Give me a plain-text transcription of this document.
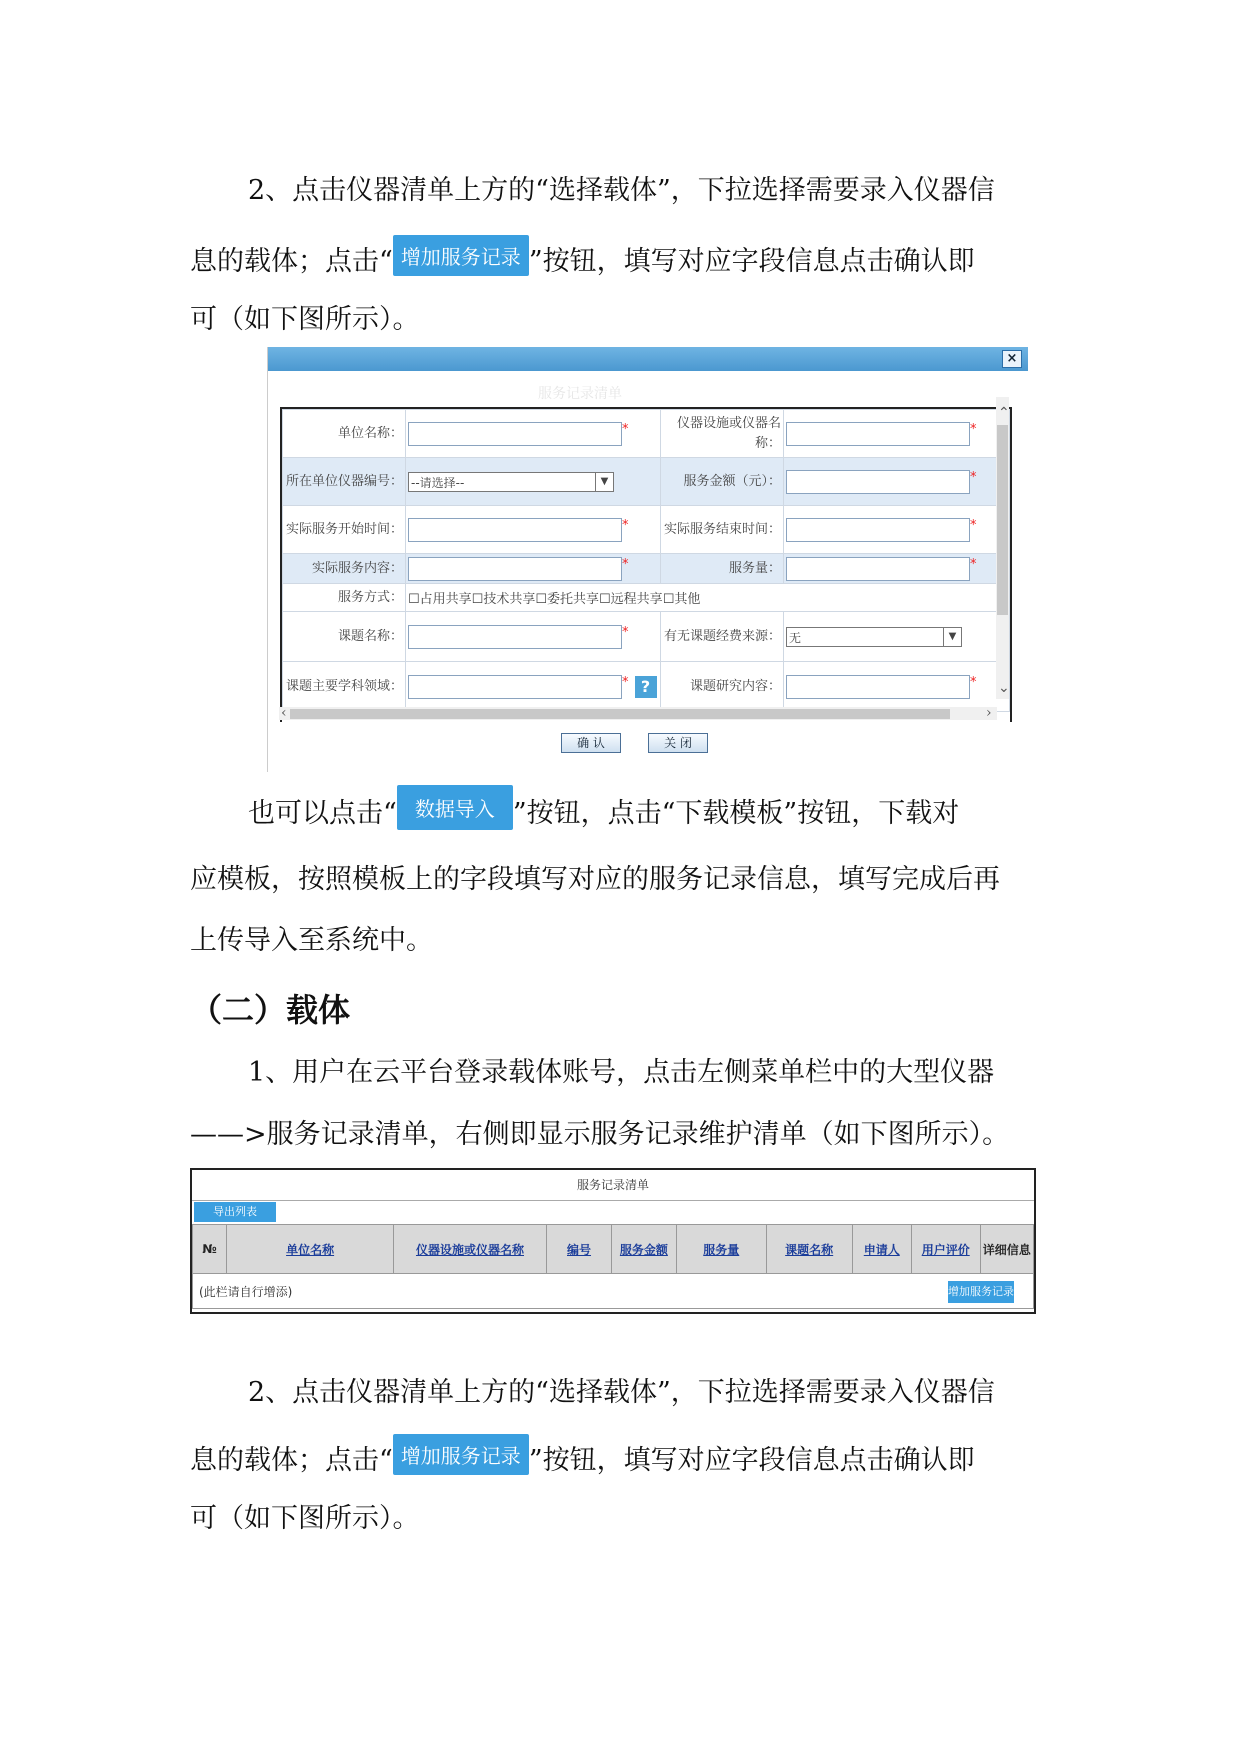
2、点击仪器清单上方的“选择载体”，下拉选择需要录入仪器信
息的载体；点击“ 增加服务记录 ”按钮，填写对应字段信息点击确认即
可（如下图所示）。
×
服务记录清单
单位名称：	*	仪器设施或仪器名称：	*
所在单位仪器编号：	--请选择-- ▼	服务金额（元）：	*
实际服务开始时间：	*	实际服务结束时间：	*
实际服务内容：	*	服务量：	*
服务方式：	☐占用共享☐技术共享☐委托共享☐远程共享☐其他		
课题名称：	*	有无课题经费来源：	无 ▼

课题主要学科领域：	* ?	课题研究内容：	*
⌃
⌄
‹	›
确 认	关 闭
也可以点击“ 数据导入 ”按钮，点击“下载模板”按钮，下载对
应模板，按照模板上的字段填写对应的服务记录信息，填写完成后再
上传导入至系统中。
（二）载体
1、用户在云平台登录载体账号，点击左侧菜单栏中的大型仪器
——>服务记录清单，右侧即显示服务记录维护清单（如下图所示）。
服务记录清单
导出列表
№	单位名称	仪器设施或仪器名称	编号	服务金额	服务量	课题名称	申请人	用户评价	详细信息
(此栏请自行增添)	增加服务记录
2、点击仪器清单上方的“选择载体”，下拉选择需要录入仪器信
息的载体；点击“ 增加服务记录 ”按钮，填写对应字段信息点击确认即
可（如下图所示）。
